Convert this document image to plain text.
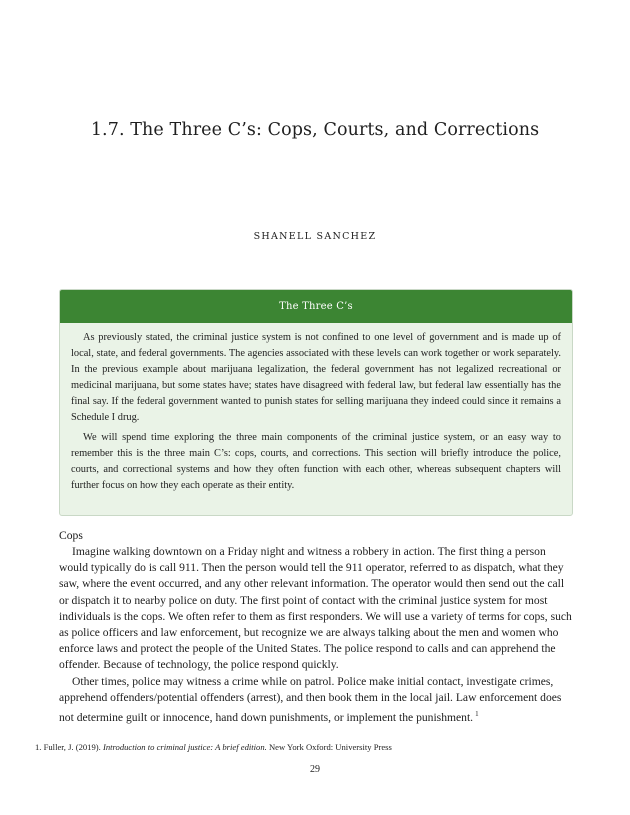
1.7. The Three C’s: Cops, Courts, and Corrections
SHANELL SANCHEZ
The Three C’s

As previously stated, the criminal justice system is not confined to one level of government and is made up of local, state, and federal governments. The agencies associated with these levels can work together or work separately. In the previous example about marijuana legalization, the federal government has not legalized recreational or medicinal marijuana, but some states have; states have disagreed with federal law, but federal law essentially has the final say. If the federal government wanted to punish states for selling marijuana they indeed could since it remains a Schedule I drug.

We will spend time exploring the three main components of the criminal justice system, or an easy way to remember this is the three main C’s: cops, courts, and corrections. This section will briefly introduce the police, courts, and correctional systems and how they often function with each other, whereas subsequent chapters will further focus on how they each operate as their entity.

Cops

Imagine walking downtown on a Friday night and witness a robbery in action. The first thing a person would typically do is call 911. Then the person would tell the 911 operator, referred to as dispatch, what they saw, where the event occurred, and any other relevant information. The operator would then send out the call or dispatch it to nearby police on duty. The first point of contact with the criminal justice system for most individuals is the cops. We often refer to them as first responders. We will use a variety of terms for cops, such as police officers and law enforcement, but recognize we are always talking about the men and women who enforce laws and protect the people of the United States. The police respond to calls and can apprehend the offender. Because of technology, the police respond quickly.

Other times, police may witness a crime while on patrol. Police make initial contact, investigate crimes, apprehend offenders/potential offenders (arrest), and then book them in the local jail. Law enforcement does not determine guilt or innocence, hand down punishments, or implement the punishment. $^1$

1. Fuller, J. (2019). Introduction to criminal justice: A brief edition. New York Oxford: University Press
29
